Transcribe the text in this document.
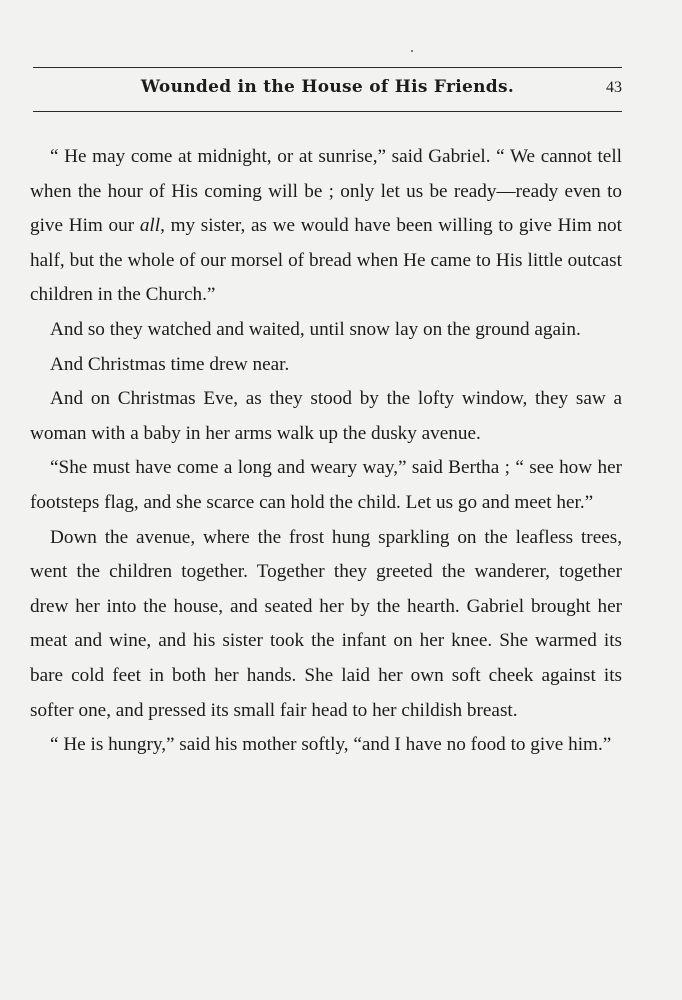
Wounded in the House of His Friends.	43

“ He may come at midnight, or at sunrise,” said Gabriel. “ We cannot tell when the hour of His coming will be ; only let us be ready—ready even to give Him our all, my sister, as we would have been willing to give Him not half, but the whole of our morsel of bread when He came to His little outcast children in the Church.”

And so they watched and waited, until snow lay on the ground again.

And Christmas time drew near.

And on Christmas Eve, as they stood by the lofty window, they saw a woman with a baby in her arms walk up the dusky avenue.

“She must have come a long and weary way,” said Bertha ; “ see how her footsteps flag, and she scarce can hold the child. Let us go and meet her.”

Down the avenue, where the frost hung sparkling on the leafless trees, went the children together. Together they greeted the wanderer, together drew her into the house, and seated her by the hearth. Gabriel brought her meat and wine, and his sister took the infant on her knee. She warmed its bare cold feet in both her hands. She laid her own soft cheek against its softer one, and pressed its small fair head to her childish breast.

“ He is hungry,” said his mother softly, “and I have no food to give him.”
